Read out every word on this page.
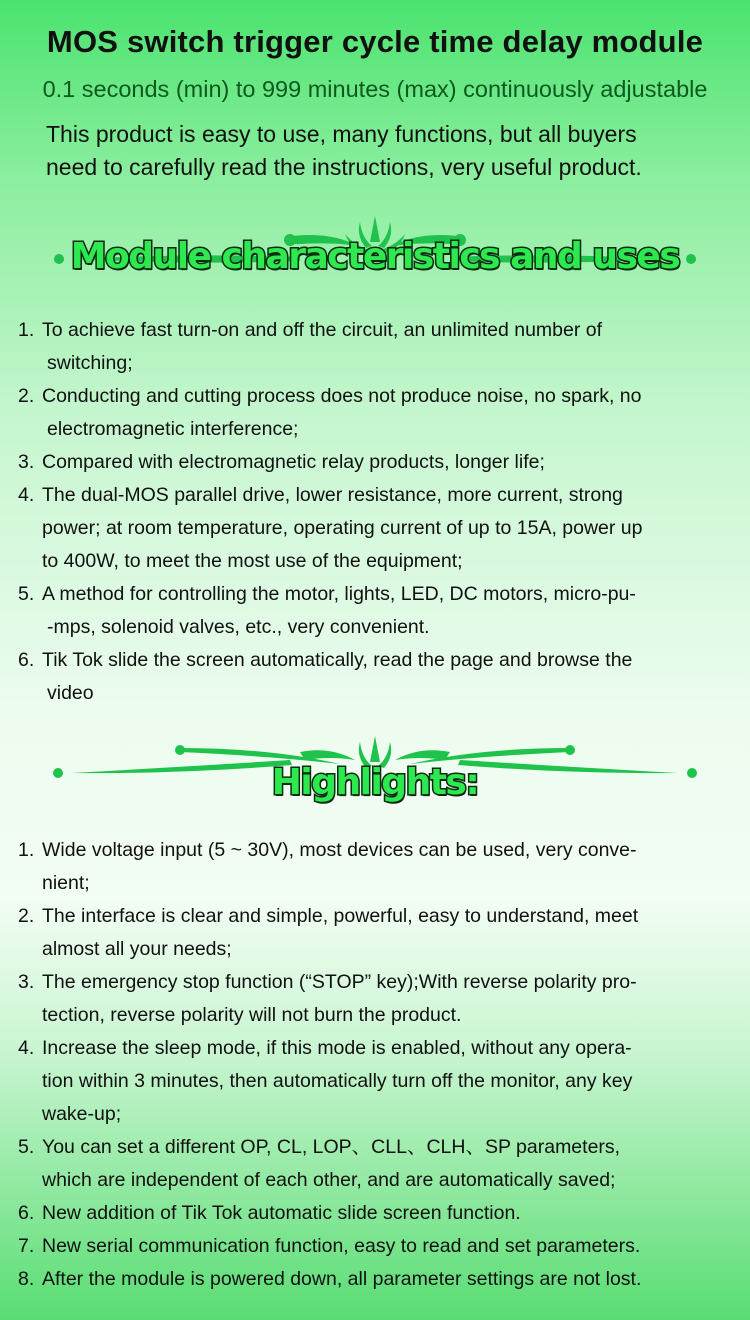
MOS switch trigger cycle time delay module
0.1 seconds (min) to 999 minutes (max) continuously adjustable
This product is easy to use, many functions, but all buyers
need to carefully read the instructions, very useful product.
Module characteristics and uses
1. To achieve fast turn-on and off the circuit, an unlimited number of
switching;
2. Conducting and cutting process does not produce noise, no spark, no
electromagnetic interference;
3. Compared with electromagnetic relay products, longer life;
4. The dual-MOS parallel drive, lower resistance, more current, strong
power; at room temperature, operating current of up to 15A, power up
to 400W, to meet the most use of the equipment;
5. A method for controlling the motor, lights, LED, DC motors, micro-pu-
-mps, solenoid valves, etc., very convenient.
6. Tik Tok slide the screen automatically, read the page and browse the
video
Highlights:
1. Wide voltage input (5 ~ 30V), most devices can be used, very conve-
nient;
2. The interface is clear and simple, powerful, easy to understand, meet
almost all your needs;
3. The emergency stop function (“STOP” key);With reverse polarity pro-
tection, reverse polarity will not burn the product.
4. Increase the sleep mode, if this mode is enabled, without any opera-
tion within 3 minutes, then automatically turn off the monitor, any key
wake-up;
5. You can set a different OP, CL, LOP、CLL、CLH、SP parameters,
which are independent of each other, and are automatically saved;
6. New addition of Tik Tok automatic slide screen function.
7. New serial communication function, easy to read and set parameters.
8. After the module is powered down, all parameter settings are not lost.
